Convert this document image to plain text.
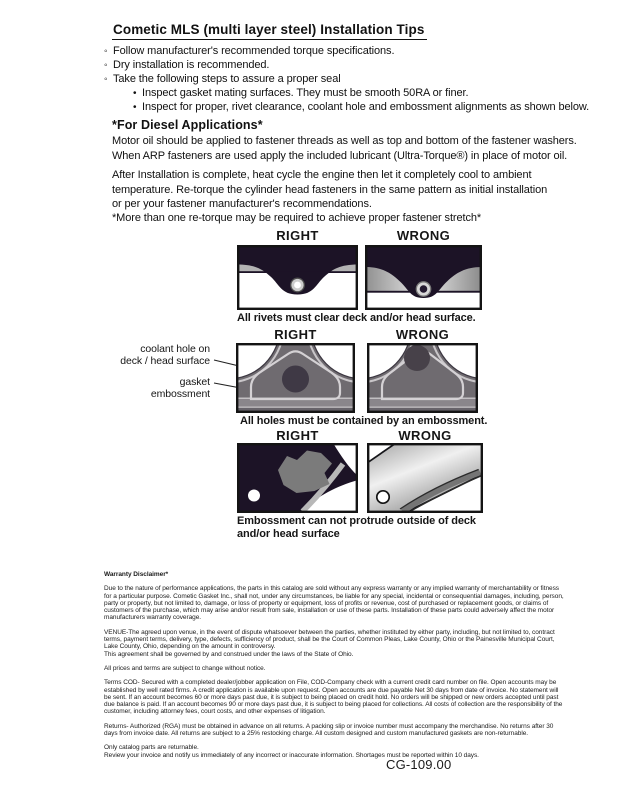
Cometic MLS (multi layer steel) Installation Tips
◦ Follow manufacturer's recommended torque specifications.
◦ Dry installation is recommended.
◦ Take the following steps to assure a proper seal
• Inspect gasket mating surfaces. They must be smooth 50RA or finer.
• Inspect for proper, rivet clearance, coolant hole and embossment alignments as shown below.
*For Diesel Applications*
Motor oil should be applied to fastener threads as well as top and bottom of the fastener washers.
When ARP fasteners are used apply the included lubricant (Ultra-Torque®) in place of motor oil.
After Installation is complete, heat cycle the engine then let it completely cool to ambient
temperature. Re-torque the cylinder head fasteners in the same pattern as initial installation
or per your fastener manufacturer's recommendations.
*More than one re-torque may be required to achieve proper fastener stretch*
RIGHT	WRONG
All rivets must clear deck and/or head surface.
RIGHT	WRONG
coolant hole on
deck / head surface
gasket embossment
All holes must be contained by an embossment.
RIGHT	WRONG
Embossment can not protrude outside of deck
and/or head surface

Warranty Disclaimer*

Due to the nature of performance applications, the parts in this catalog are sold without any express warranty or any implied warranty of merchantability or fitness for a particular purpose. Cometic Gasket Inc., shall not, under any circumstances, be liable for any special, incidental or consequential damages, including, person, party or property, but not limited to, damage, or loss of property or equipment, loss of profits or revenue, cost of purchased or replacement goods, or claims of customers of the purchase, which may arise and/or result from sale, installation or use of these parts. Installation of these parts could adversely affect the motor manufacturers warranty coverage.

VENUE-The agreed upon venue, in the event of dispute whatsoever between the parties, whether instituted by either party, including, but not limited to, contract terms, payment terms, delivery, type, defects, sufficiency of product, shall be the Court of Common Pleas, Lake County, Ohio or the Painesville Municipal Court, Lake County, Ohio, depending on the amount in controversy.

This agreement shall be governed by and construed under the laws of the State of Ohio.

All prices and terms are subject to change without notice.

Terms COD- Secured with a completed dealer/jobber application on File, COD-Company check with a current credit card number on file. Open accounts may be established by well rated firms. A credit application is available upon request. Open accounts are due payable Net 30 days from date of invoice. No statement will be sent. If an account becomes 60 or more days past due, it is subject to being placed on credit hold. No orders will be shipped or new orders accepted until past due balance is paid. If an account becomes 90 or more days past due, it is subject to being placed for collections. All costs of collection are the responsibility of the customer, including attorney fees, court costs, and other expenses of litigation.

Returns- Authorized (RGA) must be obtained in advance on all returns. A packing slip or invoice number must accompany the merchandise. No returns after 30 days from invoice date. All returns are subject to a 25% restocking charge. All custom designed and custom manufactured gaskets are non-returnable.

Only catalog parts are returnable.

Review your invoice and notify us immediately of any incorrect or inaccurate information. Shortages must be reported within 10 days.

CG-109.00
